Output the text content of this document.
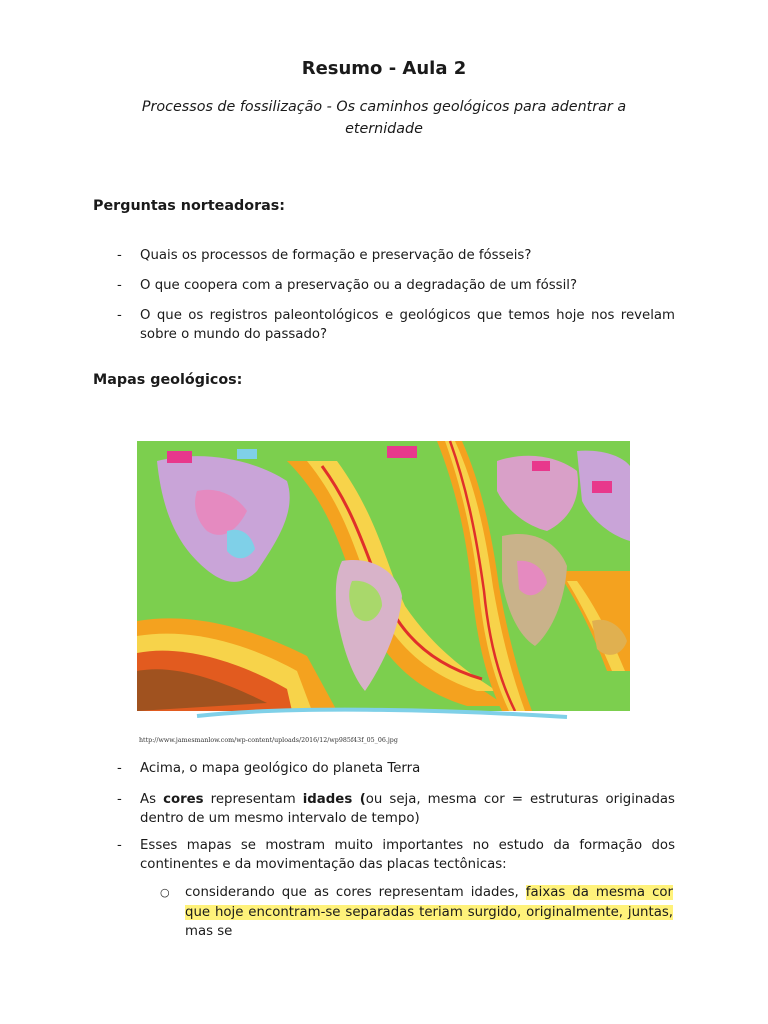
Resumo - Aula 2
Processos de fossilização - Os caminhos geológicos para adentrar a eternidade
Perguntas norteadoras:
- Quais os processos de formação e preservação de fósseis?
- O que coopera com a preservação ou a degradação de um fóssil?
- O que os registros paleontológicos e geológicos que temos hoje nos revelam sobre o mundo do passado?
Mapas geológicos:
http://www.jamesmanlow.com/wp-content/uploads/2016/12/wp985f43f_05_06.jpg
- Acima, o mapa geológico do planeta Terra
- As cores representam idades (ou seja, mesma cor = estruturas originadas dentro de um mesmo intervalo de tempo)
- Esses mapas se mostram muito importantes no estudo da formação dos continentes e da movimentação das placas tectônicas:
○ considerando que as cores representam idades, faixas da mesma cor que hoje encontram-se separadas teriam surgido, originalmente, juntas, mas se
